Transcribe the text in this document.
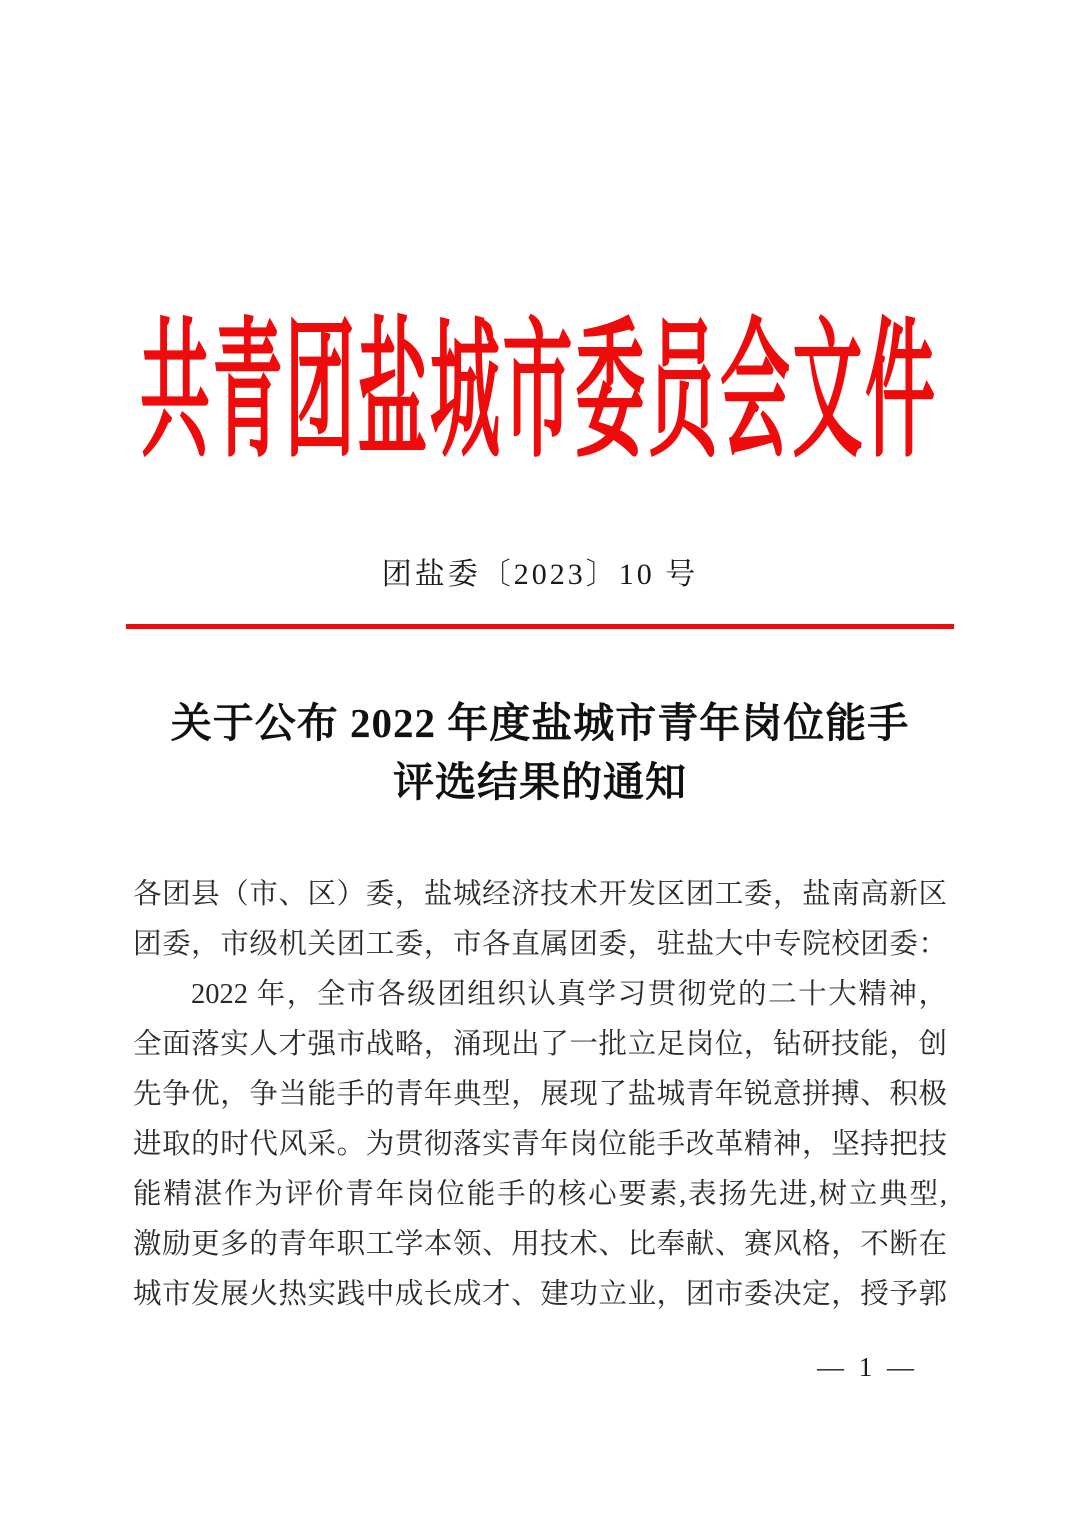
共青团盐城市委员会文件
团盐委〔2023〕10 号
关于公布 2022 年度盐城市青年岗位能手
评选结果的通知
各团县（市、区）委，盐城经济技术开发区团工委，盐南高新区
团委，市级机关团工委，市各直属团委，驻盐大中专院校团委：
2022 年，全市各级团组织认真学习贯彻党的二十大精神，
全面落实人才强市战略，涌现出了一批立足岗位，钻研技能，创
先争优，争当能手的青年典型，展现了盐城青年锐意拼搏、积极
进取的时代风采。为贯彻落实青年岗位能手改革精神，坚持把技
能精湛作为评价青年岗位能手的核心要素,表扬先进,树立典型,
激励更多的青年职工学本领、用技术、比奉献、赛风格，不断在
城市发展火热实践中成长成才、建功立业，团市委决定，授予郭
— 1 —
